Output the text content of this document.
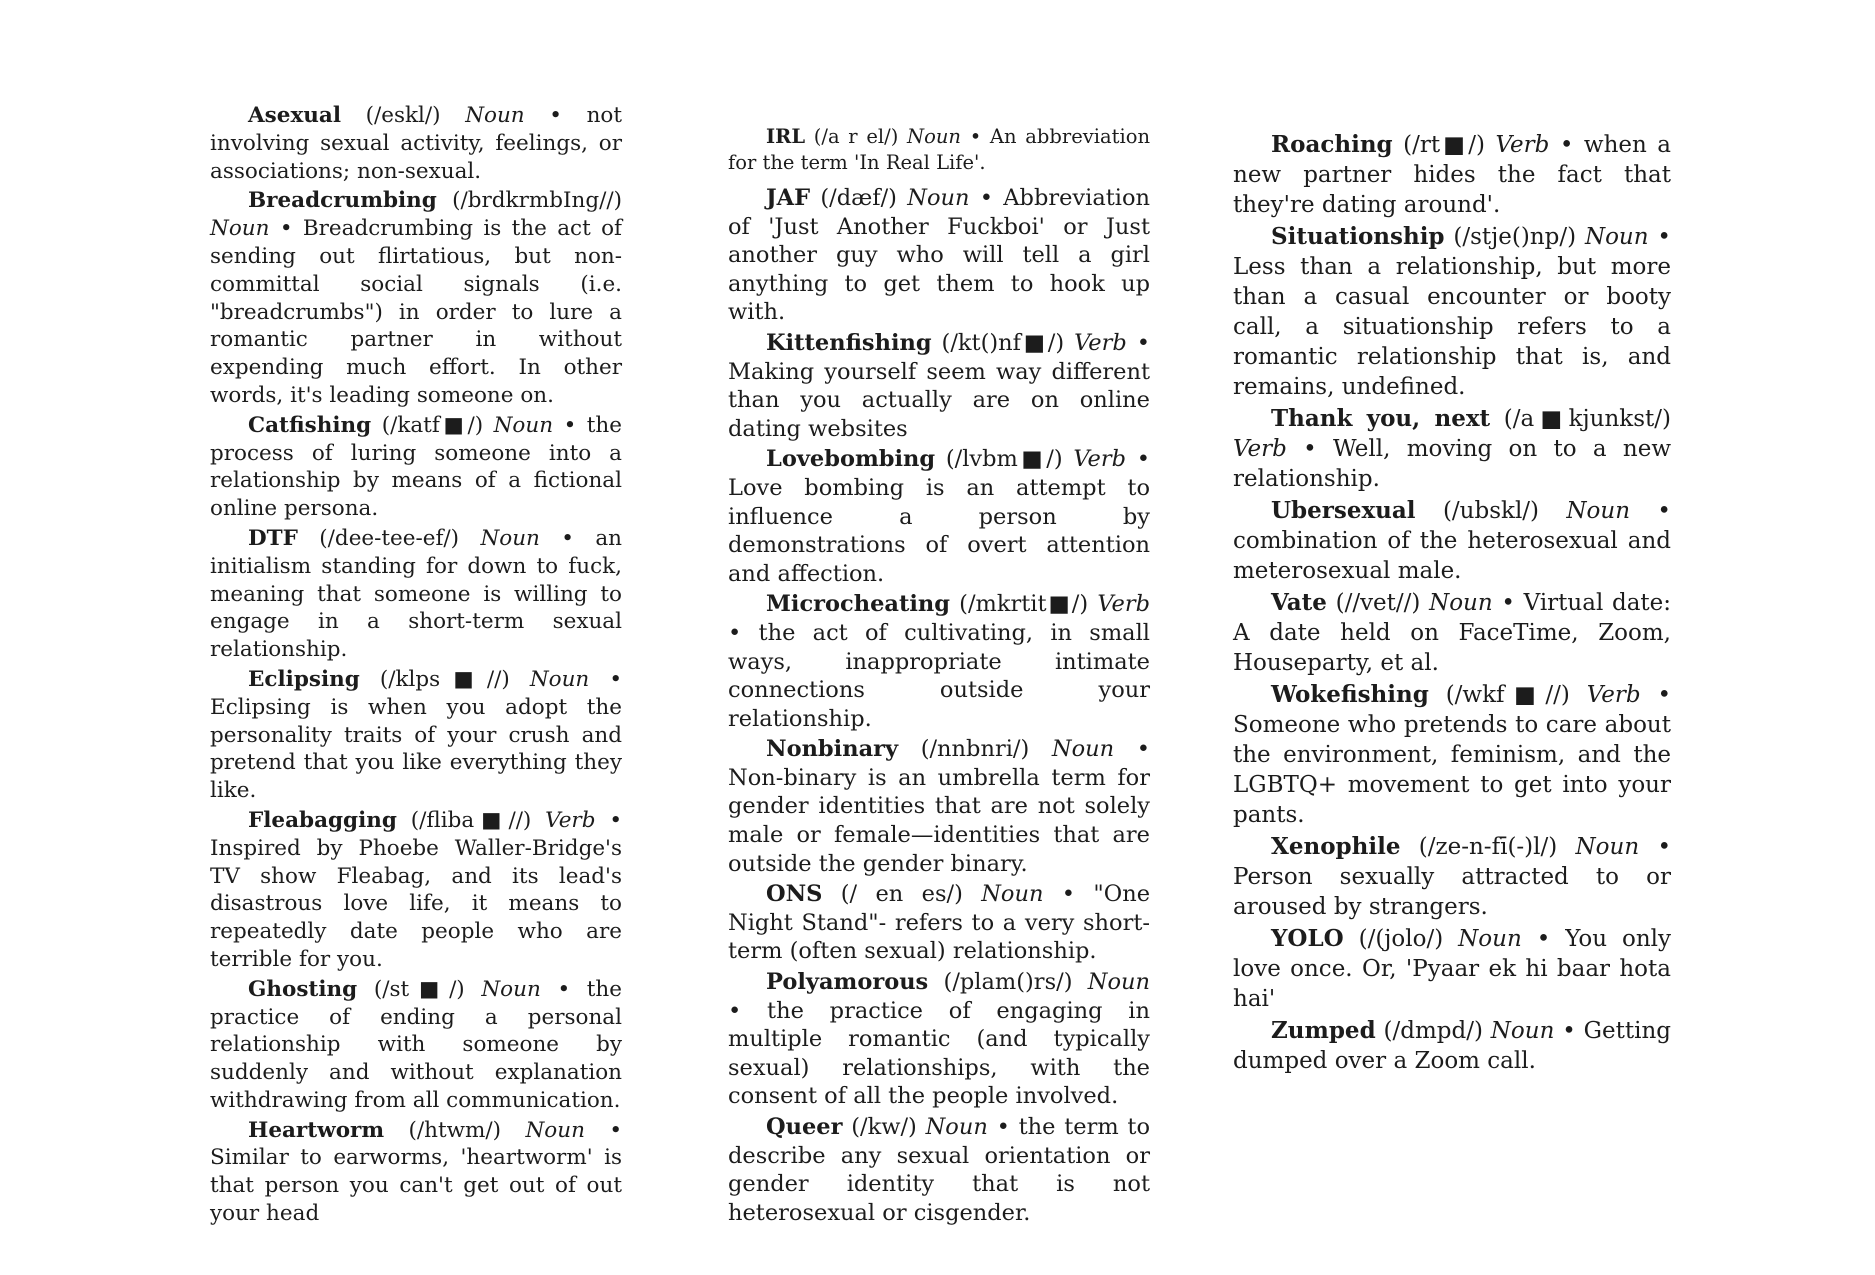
Asexual (/eskl/) Noun • not involving sexual activity, feelings, or associations; non-sexual.

Breadcrumbing (/brdkrmbIng//) Noun • Breadcrumbing is the act of sending out flirtatious, but non-committal social signals (i.e. "breadcrumbs") in order to lure a romantic partner in without expending much effort. In other words, it's leading someone on.

Catfishing (/katf■/) Noun • the process of luring someone into a relationship by means of a fictional online persona.

DTF (/dee-tee-ef/) Noun • an initialism standing for down to fuck, meaning that someone is willing to engage in a short-term sexual relationship.

Eclipsing (/klps■//) Noun • Eclipsing is when you adopt the personality traits of your crush and pretend that you like everything they like.

Fleabagging (/fliba■//) Verb • Inspired by Phoebe Waller-Bridge's TV show Fleabag, and its lead's disastrous love life, it means to repeatedly date people who are terrible for you.

Ghosting (/st■/) Noun • the practice of ending a personal relationship with someone by suddenly and without explanation withdrawing from all communication.

Heartworm (/htwm/) Noun • Similar to earworms, 'heartworm' is that person you can't get out of out your head

IRL (/a r el/) Noun • An abbreviation for the term 'In Real Life'.

JAF (/dæf/) Noun • Abbreviation of 'Just Another Fuckboi' or Just another guy who will tell a girl anything to get them to hook up with.

Kittenfishing (/kt()nf■/) Verb • Making yourself seem way different than you actually are on online dating websites

Lovebombing (/lvbm■/) Verb • Love bombing is an attempt to influence a person by demonstrations of overt attention and affection.

Microcheating (/mkrtit■/) Verb • the act of cultivating, in small ways, inappropriate intimate connections outside your relationship.

Nonbinary (/nnbnri/) Noun • Non-binary is an umbrella term for gender identities that are not solely male or female—identities that are outside the gender binary.

ONS (/ en es/) Noun • "One Night Stand"- refers to a very short-term (often sexual) relationship.

Polyamorous (/plam()rs/) Noun • the practice of engaging in multiple romantic (and typically sexual) relationships, with the consent of all the people involved.

Queer (/kw/) Noun • the term to describe any sexual orientation or gender identity that is not heterosexual or cisgender.

Roaching (/rt■/) Verb • when a new partner hides the fact that they're dating around'.

Situationship (/stje()np/) Noun • Less than a relationship, but more than a casual encounter or booty call, a situationship refers to a romantic relationship that is, and remains, undefined.

Thank you, next (/a■kjunkst/) Verb • Well, moving on to a new relationship.

Ubersexual (/ubskl/) Noun • combination of the heterosexual and meterosexual male.

Vate (//vet//) Noun • Virtual date: A date held on FaceTime, Zoom, Houseparty, et al.

Wokefishing (/wkf■//) Verb • Someone who pretends to care about the environment, feminism, and the LGBTQ+ movement to get into your pants.

Xenophile (/ze-n-fī(-)l/) Noun • Person sexually attracted to or aroused by strangers.

YOLO (/(jolo/) Noun • You only love once. Or, 'Pyaar ek hi baar hota hai'

Zumped (/dmpd/) Noun • Getting dumped over a Zoom call.
